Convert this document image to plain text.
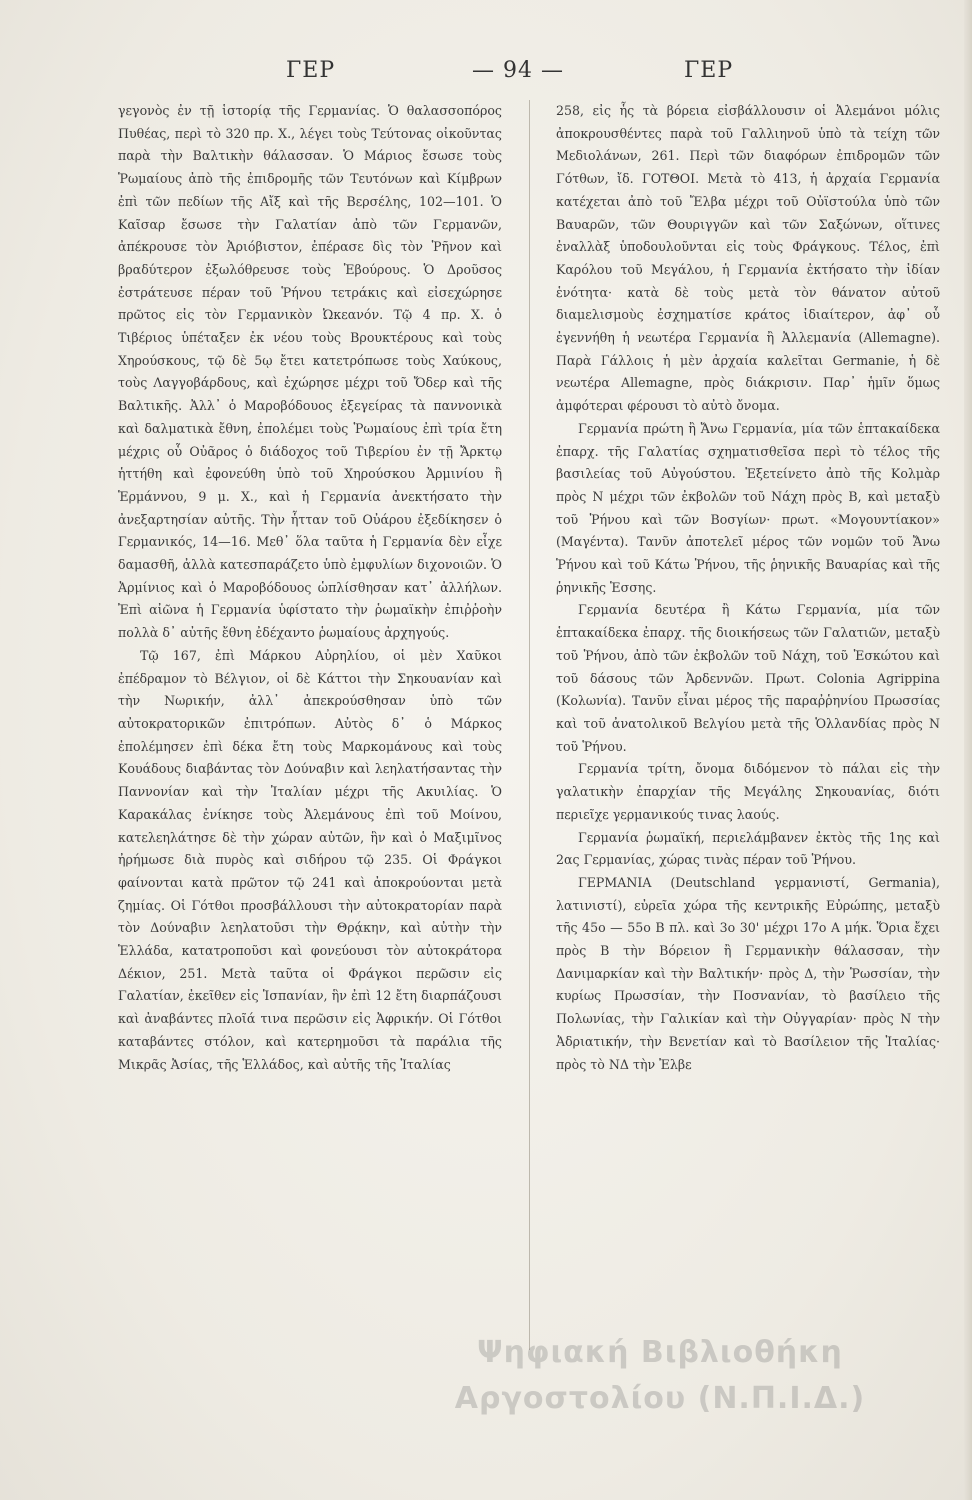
ΓΕΡ	— 94 —	ΓΕΡ

γεγονὸς ἐν τῇ ἱστορίᾳ τῆς Γερμανίας. Ὁ θαλασσοπόρος Πυθέας, περὶ τὸ 320 πρ. Χ., λέγει τοὺς Τεύτονας οἰκοῦντας παρὰ τὴν Βαλτικὴν θάλασσαν. Ὁ Μάριος ἔσωσε τοὺς Ῥωμαίους ἀπὸ τῆς ἐπιδρομῆς τῶν Τευτόνων καὶ Κίμβρων ἐπὶ τῶν πεδίων τῆς Αἴξ καὶ τῆς Βερσέλης, 102—101. Ὁ Καῖσαρ ἔσωσε τὴν Γαλατίαν ἀπὸ τῶν Γερμανῶν, ἀπέκρουσε τὸν Ἀριόβιστον, ἐπέρασε δὶς τὸν Ῥῆνον καὶ βραδύτερον ἐξωλόθρευσε τοὺς Ἐβούρους. Ὁ Δροῦσος ἐστράτευσε πέραν τοῦ Ῥήνου τετράκις καὶ εἰσεχώρησε πρῶτος εἰς τὸν Γερμανικὸν Ὠκεανόν. Τῷ 4 πρ. Χ. ὁ Τιβέριος ὑπέταξεν ἐκ νέου τοὺς Βρουκτέρους καὶ τοὺς Χηρούσκους, τῷ δὲ 5ῳ ἔτει κατετρόπωσε τοὺς Χαύκους, τοὺς Λαγγοβάρδους, καὶ ἐχώρησε μέχρι τοῦ Ὄδερ καὶ τῆς Βαλτικῆς. Ἀλλ᾿ ὁ Μαροβόδουος ἐξεγείρας τὰ παννονικὰ καὶ δαλματικὰ ἔθνη, ἐπολέμει τοὺς Ῥωμαίους ἐπὶ τρία ἔτη μέχρις οὗ Οὐᾶρος ὁ διάδοχος τοῦ Τιβερίου ἐν τῇ Ἄρκτῳ ἡττήθη καὶ ἐφονεύθη ὑπὸ τοῦ Χηρούσκου Ἀρμινίου ἢ Ἑρμάννου, 9 μ. Χ., καὶ ἡ Γερμανία ἀνεκτήσατο τὴν ἀνεξαρτησίαν αὐτῆς. Τὴν ἧτταν τοῦ Οὐάρου ἐξεδίκησεν ὁ Γερμανικός, 14—16. Μεθ᾿ ὅλα ταῦτα ἡ Γερμανία δὲν εἶχε δαμασθῆ, ἀλλὰ κατεσπαράζετο ὑπὸ ἐμφυλίων διχονοιῶν. Ὁ Ἀρμίνιος καὶ ὁ Μαροβόδουος ὡπλίσθησαν κατ᾿ ἀλλήλων. Ἐπὶ αἰῶνα ἡ Γερμανία ὑφίστατο τὴν ῥωμαϊκὴν ἐπιῤῥοὴν πολλὰ δ᾿ αὐτῆς ἔθνη ἐδέχαντο ῥωμαίους ἀρχηγούς.

Τῷ 167, ἐπὶ Μάρκου Αὐρηλίου, οἱ μὲν Χαῦκοι ἐπέδραμον τὸ Βέλγιον, οἱ δὲ Κάττοι τὴν Σηκουανίαν καὶ τὴν Νωρικήν, ἀλλ᾿ ἀπεκρούσθησαν ὑπὸ τῶν αὐτοκρατορικῶν ἐπιτρόπων. Αὐτὸς δ᾿ ὁ Μάρκος ἐπολέμησεν ἐπὶ δέκα ἔτη τοὺς Μαρκομάνους καὶ τοὺς Κουάδους διαβάντας τὸν Δούναβιν καὶ λεηλατήσαντας τὴν Παννονίαν καὶ τὴν Ἰταλίαν μέχρι τῆς Ακυιλίας. Ὁ Καρακάλας ἐνίκησε τοὺς Ἀλεμάνους ἐπὶ τοῦ Μοίνου, κατελεηλάτησε δὲ τὴν χώραν αὐτῶν, ἣν καὶ ὁ Μαξιμῖνος ἠρήμωσε διὰ πυρὸς καὶ σιδήρου τῷ 235. Οἱ Φράγκοι φαίνονται κατὰ πρῶτον τῷ 241 καὶ ἀποκρούονται μετὰ ζημίας. Οἱ Γότθοι προσβάλλουσι τὴν αὐτοκρατορίαν παρὰ τὸν Δούναβιν λεηλατοῦσι τὴν Θρᾴκην, καὶ αὐτὴν τὴν Ἑλλάδα, κατατροποῦσι καὶ φονεύουσι τὸν αὐτοκράτορα Δέκιον, 251. Μετὰ ταῦτα οἱ Φράγκοι περῶσιν εἰς Γαλατίαν, ἐκεῖθεν εἰς Ἱσπανίαν, ἣν ἐπὶ 12 ἔτη διαρπάζουσι καὶ ἀναβάντες πλοῖά τινα περῶσιν εἰς Ἀφρικήν. Οἱ Γότθοι καταβάντες στόλον, καὶ κατερημοῦσι τὰ παράλια τῆς Μικρᾶς Ἀσίας, τῆς Ἑλλάδος, καὶ αὐτῆς τῆς Ἰταλίας

258, εἰς ἧς τὰ βόρεια εἰσβάλλουσιν οἱ Ἀλεμάνοι μόλις ἀποκρουσθέντες παρὰ τοῦ Γαλλιηνοῦ ὑπὸ τὰ τείχη τῶν Μεδιολάνων, 261. Περὶ τῶν διαφόρων ἐπιδρομῶν τῶν Γότθων, ἴδ. ΓΟΤΘΟΙ. Μετὰ τὸ 413, ἡ ἀρχαία Γερμανία κατέχεται ἀπὸ τοῦ Ἔλβα μέχρι τοῦ Οὐϊστούλα ὑπὸ τῶν Βαυαρῶν, τῶν Θουριγγῶν καὶ τῶν Σαξώνων, οἵτινες ἐναλλὰξ ὑποδουλοῦνται εἰς τοὺς Φράγκους. Τέλος, ἐπὶ Καρόλου τοῦ Μεγάλου, ἡ Γερμανία ἐκτήσατο τὴν ἰδίαν ἑνότητα· κατὰ δὲ τοὺς μετὰ τὸν θάνατον αὐτοῦ διαμελισμοὺς ἐσχηματίσε κράτος ἰδιαίτερον, ἀφ᾿ οὗ ἐγεννήθη ἡ νεωτέρα Γερμανία ἢ Ἀλλεμανία (Allemagne). Παρὰ Γάλλοις ἡ μὲν ἀρχαία καλεῖται Germanie, ἡ δὲ νεωτέρα Allemagne, πρὸς διάκρισιν. Παρ᾿ ἡμῖν ὅμως ἀμφότεραι φέρουσι τὸ αὐτὸ ὄνομα.

Γερμανία πρώτη ἢ Ἄνω Γερμανία, μία τῶν ἑπτακαίδεκα ἐπαρχ. τῆς Γαλατίας σχηματισθεῖσα περὶ τὸ τέλος τῆς βασιλείας τοῦ Αὐγούστου. Ἐξετείνετο ἀπὸ τῆς Κολμὰρ πρὸς Ν μέχρι τῶν ἐκβολῶν τοῦ Νάχη πρὸς Β, καὶ μεταξὺ τοῦ Ῥήνου καὶ τῶν Βοσγίων· πρωτ. «Μογουντίακον» (Μαγέντα). Τανῦν ἀποτελεῖ μέρος τῶν νομῶν τοῦ Ἄνω Ῥήνου καὶ τοῦ Κάτω Ῥήνου, τῆς ῥηνικῆς Βαυαρίας καὶ τῆς ῥηνικῆς Ἑσσης.

Γερμανία δευτέρα ἢ Κάτω Γερμανία, μία τῶν ἑπτακαίδεκα ἐπαρχ. τῆς διοικήσεως τῶν Γαλατιῶν, μεταξὺ τοῦ Ῥήνου, ἀπὸ τῶν ἐκβολῶν τοῦ Νάχη, τοῦ Ἐσκώτου καὶ τοῦ δάσους τῶν Ἀρδεννῶν. Πρωτ. Colonia Agrippina (Κολωνία). Τανῦν εἶναι μέρος τῆς παραῤῥηνίου Πρωσσίας καὶ τοῦ ἀνατολικοῦ Βελγίου μετὰ τῆς Ὁλλανδίας πρὸς Ν τοῦ Ῥήνου.

Γερμανία τρίτη, ὄνομα διδόμενον τὸ πάλαι εἰς τὴν γαλατικὴν ἐπαρχίαν τῆς Μεγάλης Σηκουανίας, διότι περιεῖχε γερμανικούς τινας λαούς.

Γερμανία ῥωμαϊκή, περιελάμβανεν ἐκτὸς τῆς 1ης καὶ 2ας Γερμανίας, χώρας τινὰς πέραν τοῦ Ῥήνου.

ΓΕΡΜΑΝΙΑ (Deutschland γερμανιστί, Germania), λατινιστί), εὐρεῖα χώρα τῆς κεντρικῆς Εὐρώπης, μεταξὺ τῆς 45ο — 55ο Β πλ. καὶ 3ο 30' μέχρι 17ο Α μήκ. Ὅρια ἔχει πρὸς Β τὴν Βόρειον ἢ Γερμανικὴν θάλασσαν, τὴν Δανιμαρκίαν καὶ τὴν Βαλτικήν· πρὸς Δ, τὴν Ῥωσσίαν, τὴν κυρίως Πρωσσίαν, τὴν Ποσνανίαν, τὸ βασίλειο τῆς Πολωνίας, τὴν Γαλικίαν καὶ τὴν Οὐγγαρίαν· πρὸς Ν τὴν Ἀδριατικήν, τὴν Βενετίαν καὶ τὸ Βασίλειον τῆς Ἰταλίας· πρὸς τὸ ΝΔ τὴν Ἐλβε

Ψηφιακή Βιβλιοθήκη Αργοστολίου (Ν.Π.Ι.Δ.)
